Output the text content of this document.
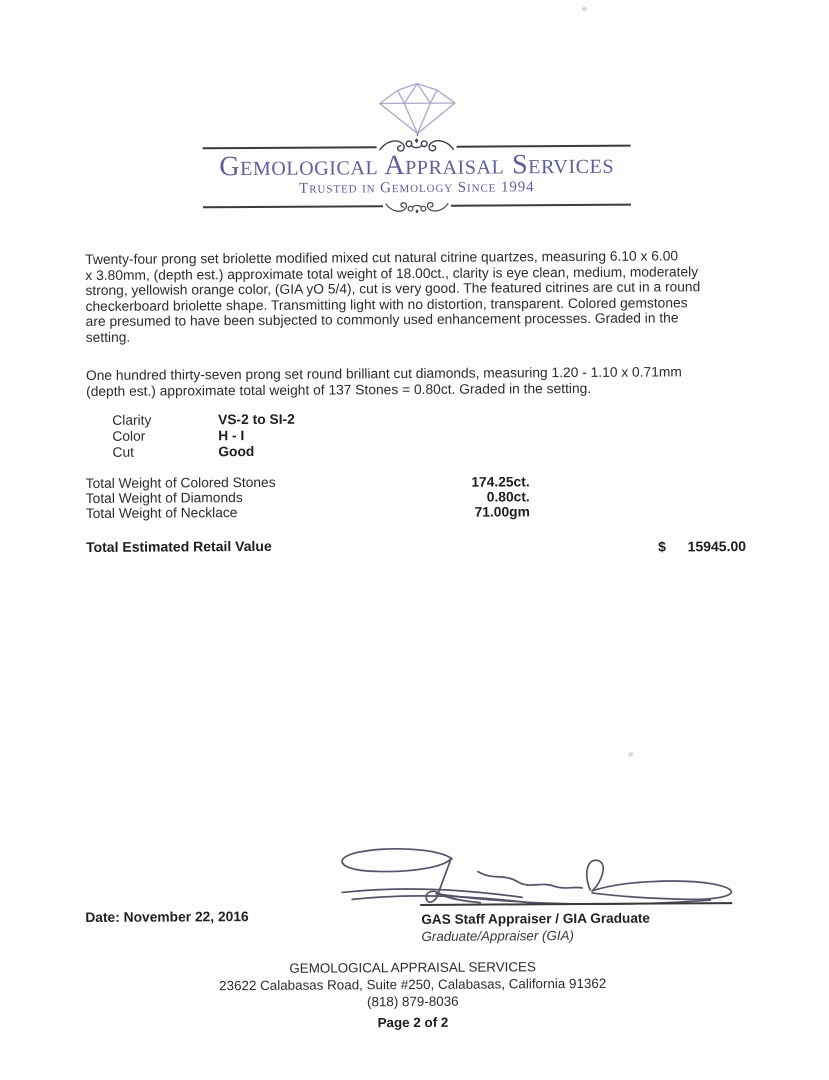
Gemological Appraisal Services
Trusted in Gemology Since 1994

Twenty-four prong set briolette modified mixed cut natural citrine quartzes, measuring 6.10 x 6.00
x 3.80mm, (depth est.) approximate total weight of 18.00ct., clarity is eye clean, medium, moderately
strong, yellowish orange color, (GIA yO 5/4), cut is very good. The featured citrines are cut in a round
checkerboard briolette shape. Transmitting light with no distortion, transparent. Colored gemstones
are presumed to have been subjected to commonly used enhancement processes. Graded in the
setting.

One hundred thirty-seven prong set round brilliant cut diamonds, measuring 1.20 - 1.10 x 0.71mm
(depth est.) approximate total weight of 137 Stones = 0.80ct. Graded in the setting.

Clarity	VS-2 to SI-2
Color	H - I
Cut	Good
Total Weight of Colored Stones	174.25ct.
Total Weight of Diamonds	0.80ct.
Total Weight of Necklace	71.00gm
Total Estimated Retail Value	$	15945.00
Date: November 22, 2016	GAS Staff Appraiser / GIA Graduate
Graduate/Appraiser (GIA)
GEMOLOGICAL APPRAISAL SERVICES
23622 Calabasas Road, Suite #250, Calabasas, California 91362
(818) 879-8036
Page 2 of 2
